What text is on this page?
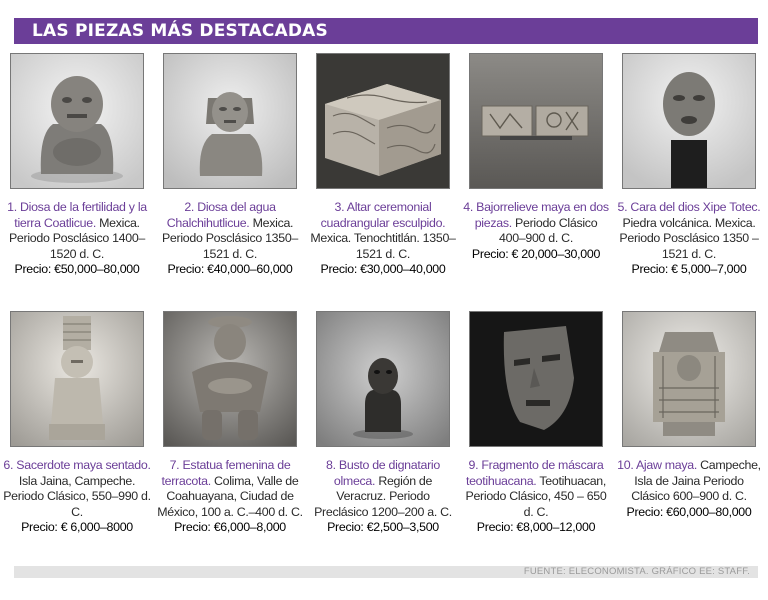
LAS PIEZAS MÁS DESTACADAS
1. Diosa de la fertilidad y la tierra Coatlicue. Mexica. Periodo Posclásico 1400–1520 d. C.
Precio: €50,000–80,000
2. Diosa del agua Chalchihutlicue. Mexica. Periodo Posclásico 1350–1521 d. C.
Precio: €40,000–60,000
3. Altar ceremonial cuadrangular esculpido. Mexica. Tenochtitlán. 1350–1521 d. C.
Precio: €30,000–40,000
4. Bajorrelieve maya en dos piezas. Periodo Clásico 400–900 d. C.
Precio: € 20,000–30,000
5. Cara del dios Xipe Totec. Piedra volcánica. Mexica. Periodo Posclásico 1350 – 1521 d. C.
Precio: € 5,000–7,000
6. Sacerdote maya sentado. Isla Jaina, Campeche. Periodo Clásico, 550–990 d. C.
Precio: € 6,000–8000
7. Estatua femenina de terracota. Colima, Valle de Coahuayana, Ciudad de México, 100 a. C.–400 d. C.
Precio: €6,000–8,000
8. Busto de dignatario olmeca. Región de Veracruz. Periodo Preclásico 1200–200 a. C.
Precio: €2,500–3,500
9. Fragmento de máscara teotihuacana. Teotihuacan, Periodo Clásico, 450 – 650 d. C.
Precio: €8,000–12,000
10. Ajaw maya. Campeche, Isla de Jaina Periodo Clásico 600–900 d. C.
Precio: €60,000–80,000
FUENTE: ELECONOMISTA. GRÁFICO EE: STAFF.
